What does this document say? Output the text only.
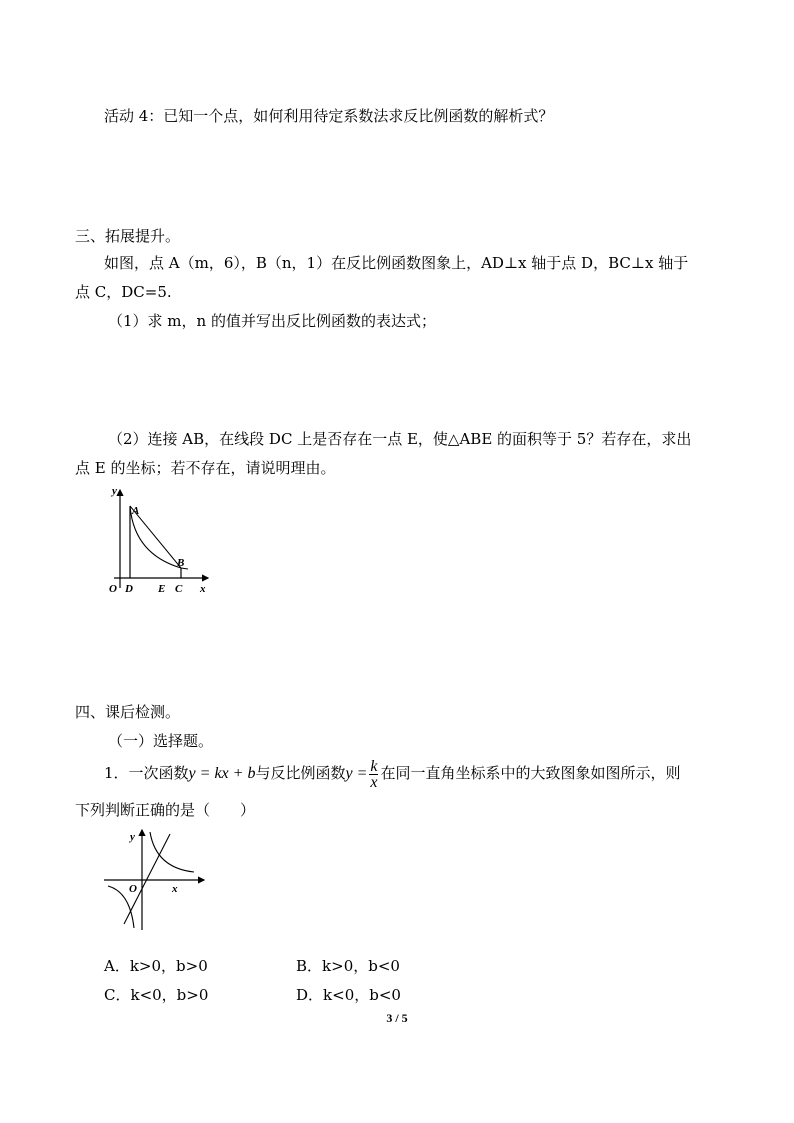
活动 4：已知一个点，如何利用待定系数法求反比例函数的解析式？
三、拓展提升。
如图，点 A（m，6），B（n，1）在反比例函数图象上，AD⊥x 轴于点 D，BC⊥x 轴于
点 C，DC=5.
（1）求 m，n 的值并写出反比例函数的表达式；
（2）连接 AB，在线段 DC 上是否存在一点 E，使△ABE 的面积等于 5？若存在，求出
点 E 的坐标；若不存在，请说明理由。
y
A
B
O D E C x
四、课后检测。
（一）选择题。
1．一次函数y = kx + b与反比例函数$y = \frac{k}{x}$ 在同一直角坐标系中的大致图象如图所示，则
下列判断正确的是（　　）
y
O	x
A．k>0，b>0	B．k>0，b<0
C．k<0，b>0	D．k<0，b<0
3 / 5
